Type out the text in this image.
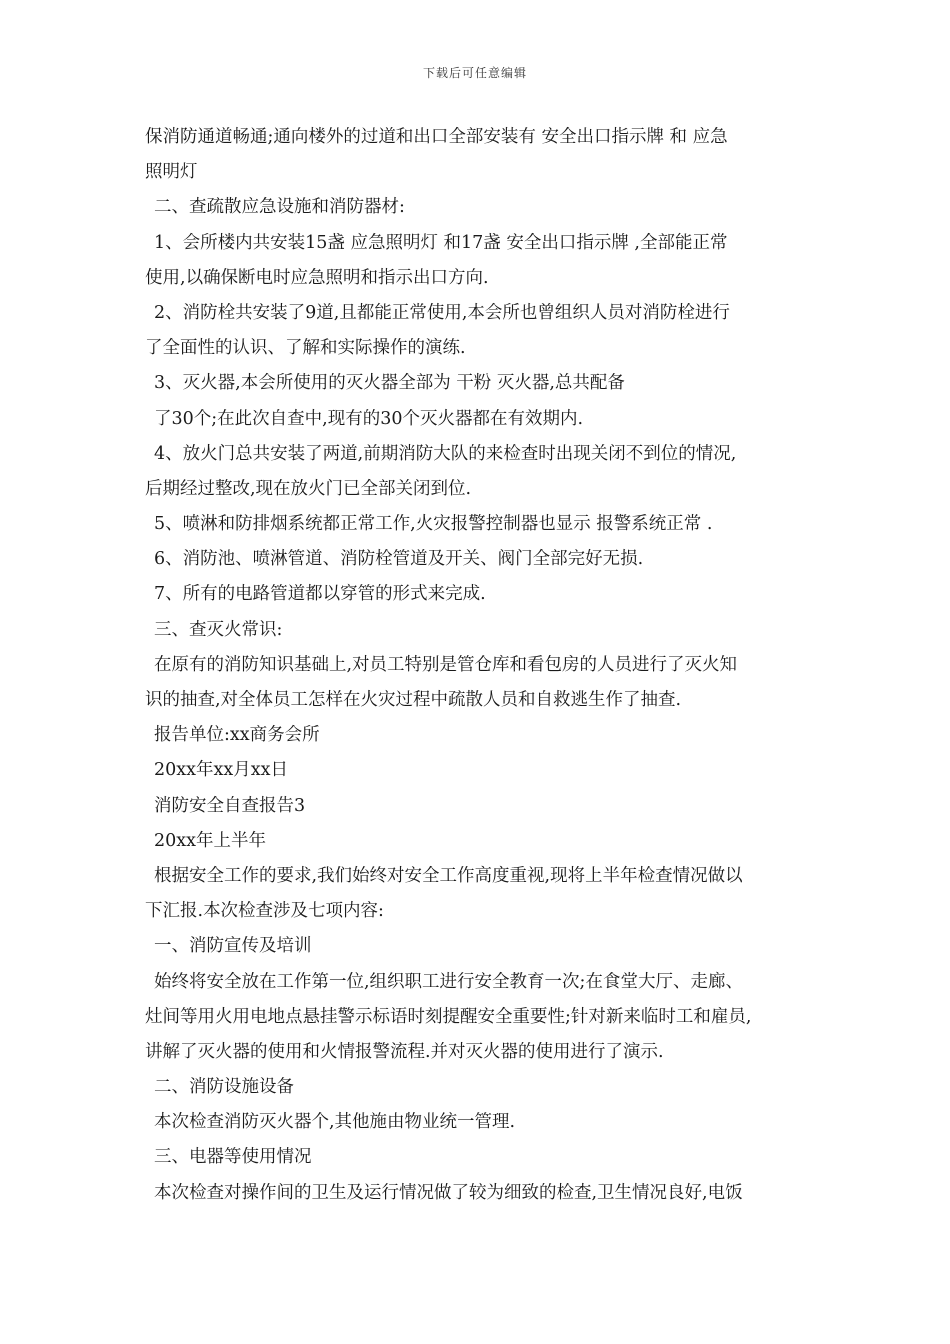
下载后可任意编辑
保消防通道畅通;通向楼外的过道和出口全部安装有 安全出口指示牌 和 应急
照明灯
二、查疏散应急设施和消防器材:
1、会所楼内共安装15盏 应急照明灯 和17盏 安全出口指示牌 ,全部能正常
使用,以确保断电时应急照明和指示出口方向.
2、消防栓共安装了9道,且都能正常使用,本会所也曾组织人员对消防栓进行
了全面性的认识、了解和实际操作的演练.
3、灭火器,本会所使用的灭火器全部为 干粉 灭火器,总共配备
了30个;在此次自查中,现有的30个灭火器都在有效期内.
4、放火门总共安装了两道,前期消防大队的来检查时出现关闭不到位的情况,
后期经过整改,现在放火门已全部关闭到位.
5、喷淋和防排烟系统都正常工作,火灾报警控制器也显示 报警系统正常 .
6、消防池、喷淋管道、消防栓管道及开关、阀门全部完好无损.
7、所有的电路管道都以穿管的形式来完成.
三、查灭火常识:
在原有的消防知识基础上,对员工特别是管仓库和看包房的人员进行了灭火知
识的抽查,对全体员工怎样在火灾过程中疏散人员和自救逃生作了抽查.
报告单位:xx商务会所
20xx年xx月xx日
消防安全自查报告3
20xx年上半年
根据安全工作的要求,我们始终对安全工作高度重视,现将上半年检查情况做以
下汇报.本次检查涉及七项内容:
一、消防宣传及培训
始终将安全放在工作第一位,组织职工进行安全教育一次;在食堂大厅、走廊、
灶间等用火用电地点悬挂警示标语时刻提醒安全重要性;针对新来临时工和雇员,
讲解了灭火器的使用和火情报警流程.并对灭火器的使用进行了演示.
二、消防设施设备
本次检查消防灭火器个,其他施由物业统一管理.
三、电器等使用情况
本次检查对操作间的卫生及运行情况做了较为细致的检查,卫生情况良好,电饭
